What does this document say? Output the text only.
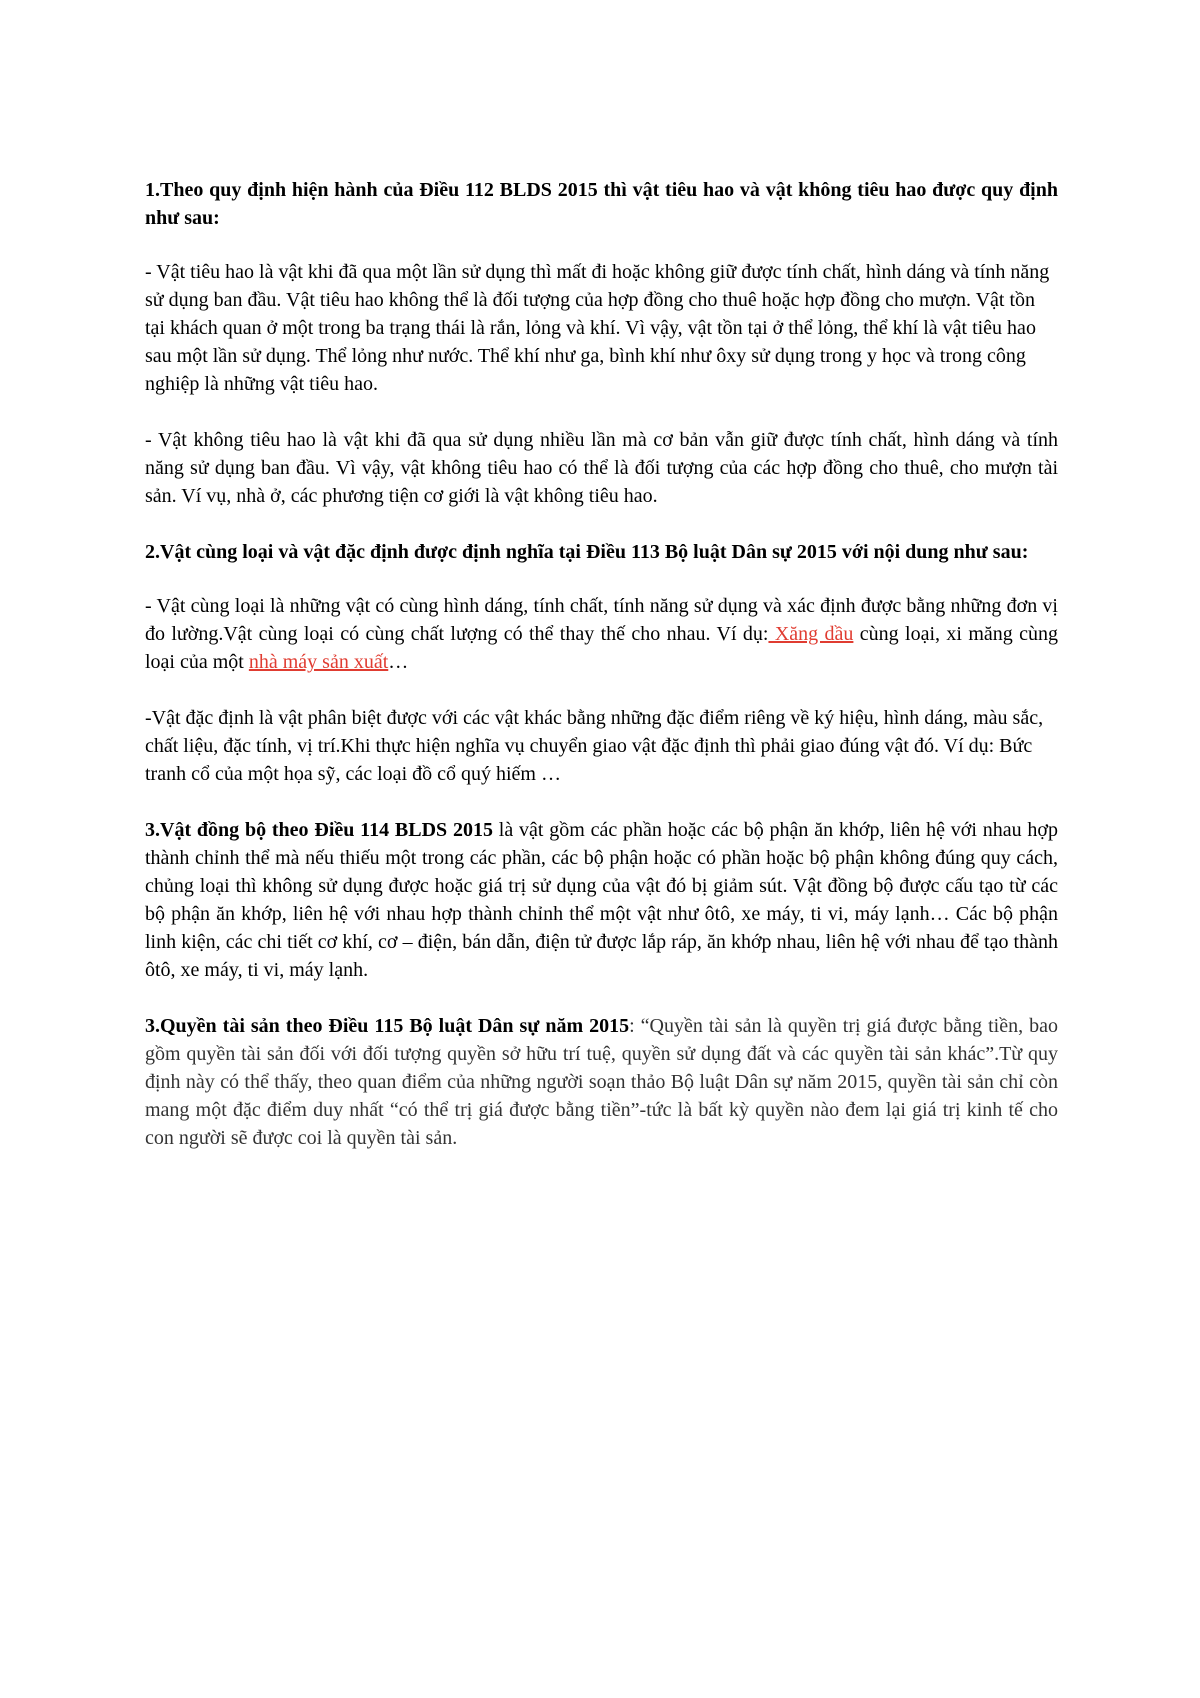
1.Theo quy định hiện hành của Điều 112 BLDS 2015 thì vật tiêu hao và vật không tiêu hao được quy định như sau:

- Vật tiêu hao là vật khi đã qua một lần sử dụng thì mất đi hoặc không giữ được tính chất, hình dáng và tính năng sử dụng ban đầu. Vật tiêu hao không thể là đối tượng của hợp đồng cho thuê hoặc hợp đồng cho mượn. Vật tồn tại khách quan ở một trong ba trạng thái là rắn, lỏng và khí. Vì vậy, vật tồn tại ở thể lỏng, thể khí là vật tiêu hao sau một lần sử dụng. Thể lỏng như nước. Thể khí như ga, bình khí như ôxy sử dụng trong y học và trong công nghiệp là những vật tiêu hao.

- Vật không tiêu hao là vật khi đã qua sử dụng nhiều lần mà cơ bản vẫn giữ được tính chất, hình dáng và tính năng sử dụng ban đầu. Vì vậy, vật không tiêu hao có thể là đối tượng của các hợp đồng cho thuê, cho mượn tài sản. Ví vụ, nhà ở, các phương tiện cơ giới là vật không tiêu hao.

2.Vật cùng loại và vật đặc định được định nghĩa tại Điều 113 Bộ luật Dân sự 2015 với nội dung như sau:

- Vật cùng loại là những vật có cùng hình dáng, tính chất, tính năng sử dụng và xác định được bằng những đơn vị đo lường.Vật cùng loại có cùng chất lượng có thể thay thế cho nhau. Ví dụ: Xăng dầu cùng loại, xi măng cùng loại của một nhà máy sản xuất…

-Vật đặc định là vật phân biệt được với các vật khác bằng những đặc điểm riêng về ký hiệu, hình dáng, màu sắc, chất liệu, đặc tính, vị trí.Khi thực hiện nghĩa vụ chuyển giao vật đặc định thì phải giao đúng vật đó. Ví dụ: Bức tranh cổ của một họa sỹ, các loại đồ cổ quý hiếm …

3.Vật đồng bộ theo Điều 114 BLDS 2015 là vật gồm các phần hoặc các bộ phận ăn khớp, liên hệ với nhau hợp thành chỉnh thể mà nếu thiếu một trong các phần, các bộ phận hoặc có phần hoặc bộ phận không đúng quy cách, chủng loại thì không sử dụng được hoặc giá trị sử dụng của vật đó bị giảm sút. Vật đồng bộ được cấu tạo từ các bộ phận ăn khớp, liên hệ với nhau hợp thành chỉnh thể một vật như ôtô, xe máy, ti vi, máy lạnh… Các bộ phận linh kiện, các chi tiết cơ khí, cơ – điện, bán dẫn, điện tử được lắp ráp, ăn khớp nhau, liên hệ với nhau để tạo thành ôtô, xe máy, ti vi, máy lạnh.

3.Quyền tài sản theo Điều 115 Bộ luật Dân sự năm 2015: “Quyền tài sản là quyền trị giá được bằng tiền, bao gồm quyền tài sản đối với đối tượng quyền sở hữu trí tuệ, quyền sử dụng đất và các quyền tài sản khác”.Từ quy định này có thể thấy, theo quan điểm của những người soạn thảo Bộ luật Dân sự năm 2015, quyền tài sản chỉ còn mang một đặc điểm duy nhất “có thể trị giá được bằng tiền”-tức là bất kỳ quyền nào đem lại giá trị kinh tế cho con người sẽ được coi là quyền tài sản.
